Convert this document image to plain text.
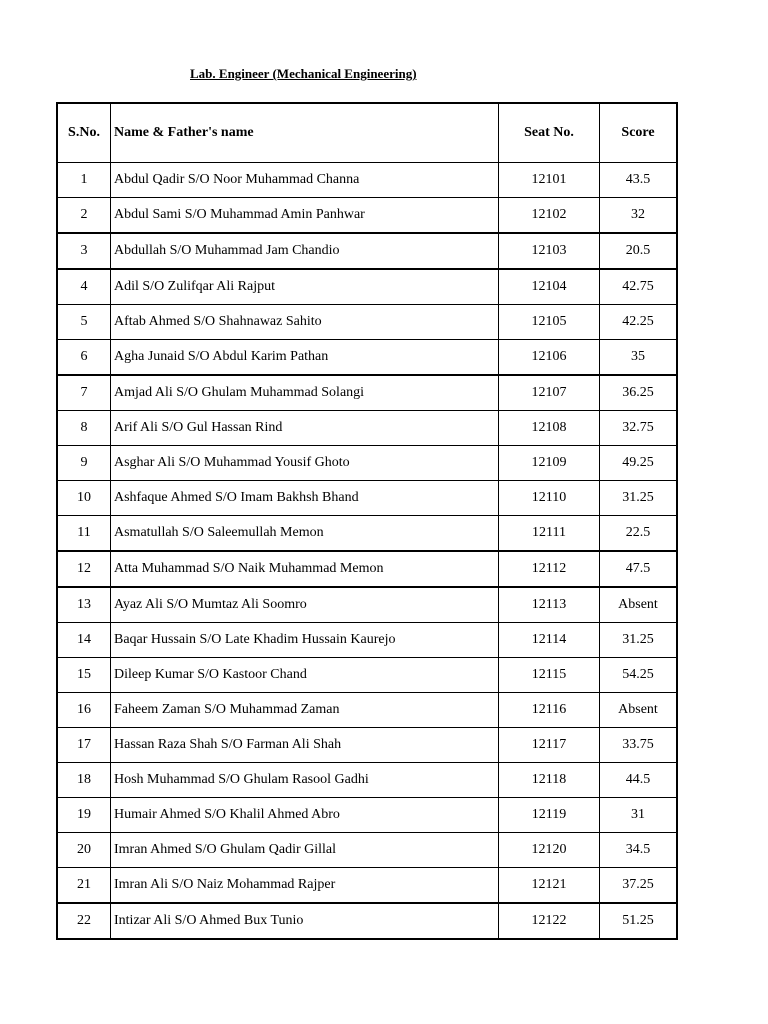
Lab. Engineer (Mechanical Engineering)
S.No.	Name & Father's name	Seat No.	Score
1	Abdul Qadir S/O Noor Muhammad Channa	12101	43.5
2	Abdul Sami S/O Muhammad Amin Panhwar	12102	32
3	Abdullah S/O Muhammad Jam Chandio	12103	20.5
4	Adil S/O Zulifqar Ali Rajput	12104	42.75
5	Aftab Ahmed S/O Shahnawaz Sahito	12105	42.25
6	Agha Junaid S/O Abdul Karim Pathan	12106	35
7	Amjad Ali S/O Ghulam Muhammad Solangi	12107	36.25
8	Arif Ali S/O Gul Hassan Rind	12108	32.75
9	Asghar Ali S/O Muhammad Yousif Ghoto	12109	49.25
10	Ashfaque Ahmed S/O Imam Bakhsh Bhand	12110	31.25
11	Asmatullah S/O Saleemullah Memon	12111	22.5
12	Atta Muhammad S/O Naik Muhammad Memon	12112	47.5
13	Ayaz Ali S/O Mumtaz Ali Soomro	12113	Absent
14	Baqar Hussain S/O Late Khadim Hussain Kaurejo	12114	31.25
15	Dileep Kumar S/O Kastoor Chand	12115	54.25
16	Faheem Zaman S/O Muhammad Zaman	12116	Absent
17	Hassan Raza Shah S/O Farman Ali Shah	12117	33.75
18	Hosh Muhammad S/O Ghulam Rasool Gadhi	12118	44.5
19	Humair Ahmed S/O Khalil Ahmed Abro	12119	31
20	Imran Ahmed S/O Ghulam Qadir Gillal	12120	34.5
21	Imran Ali S/O Naiz Mohammad Rajper	12121	37.25
22	Intizar Ali S/O Ahmed Bux Tunio	12122	51.25
